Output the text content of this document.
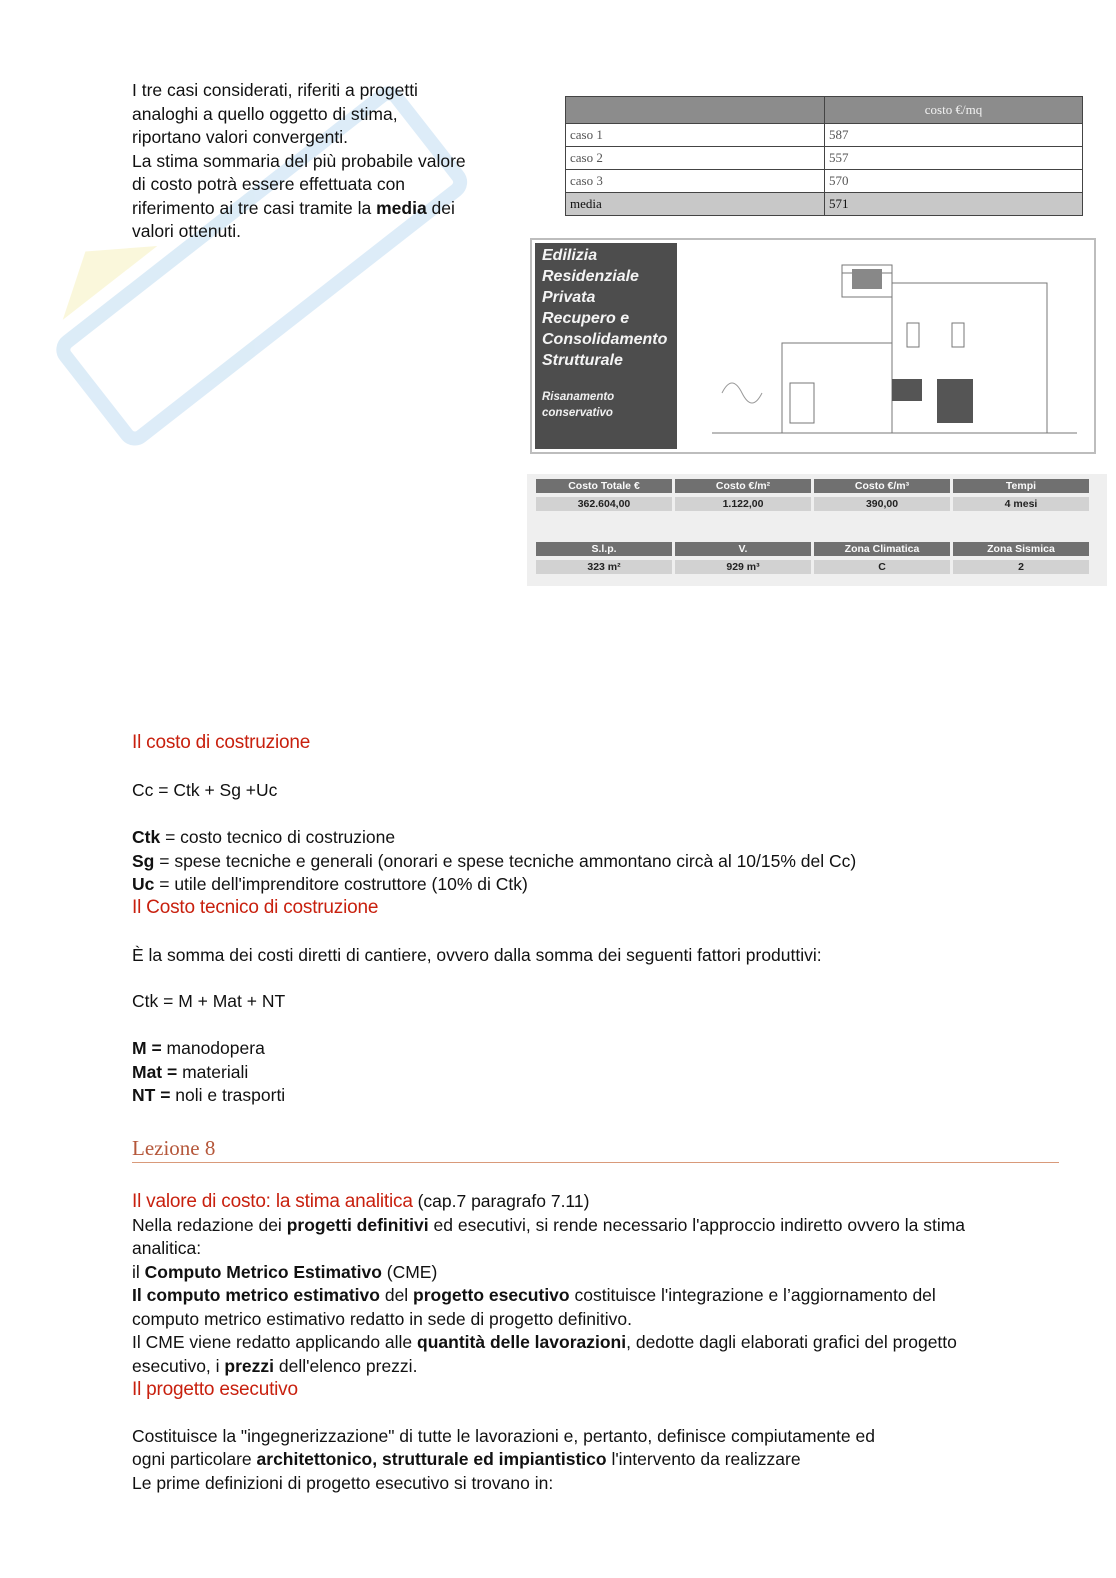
I tre casi considerati, riferiti a progetti
analoghi a quello oggetto di stima,
riportano valori convergenti.
La stima sommaria del più probabile valore
di costo potrà essere effettuata con
riferimento ai tre casi tramite la media dei
valori ottenuti.
	costo €/mq
caso 1	587
caso 2	557
caso 3	570
media	571
Edilizia
Residenziale
Privata
Recupero e
Consolidamento
Strutturale
Risanamento
conservativo
Costo Totale €	Costo €/m²	Costo €/m³	Tempi
362.604,00	1.122,00	390,00	4 mesi
S.l.p.	V.	Zona Climatica	Zona Sismica
323 m²	929 m³	C	2
Il costo di costruzione
Cc = Ctk + Sg +Uc
Ctk = costo tecnico di costruzione
Sg = spese tecniche e generali (onorari e spese tecniche ammontano circà al 10/15% del Cc)
Uc = utile dell'imprenditore costruttore (10% di Ctk)
Il Costo tecnico di costruzione
È la somma dei costi diretti di cantiere, ovvero dalla somma dei seguenti fattori produttivi:
Ctk = M + Mat + NT
M = manodopera
Mat = materiali
NT = noli e trasporti
Lezione 8
Il valore di costo: la stima analitica (cap.7 paragrafo 7.11)
Nella redazione dei progetti definitivi ed esecutivi, si rende necessario l'approccio indiretto ovvero la stima
analitica:
il Computo Metrico Estimativo (CME)
Il computo metrico estimativo del progetto esecutivo costituisce l'integrazione e l’aggiornamento del
computo metrico estimativo redatto in sede di progetto definitivo.
Il CME viene redatto applicando alle quantità delle lavorazioni, dedotte dagli elaborati grafici del progetto
esecutivo, i prezzi dell'elenco prezzi.
Il progetto esecutivo
Costituisce la "ingegnerizzazione" di tutte le lavorazioni e, pertanto, definisce compiutamente ed
ogni particolare architettonico, strutturale ed impiantistico l'intervento da realizzare
Le prime definizioni di progetto esecutivo si trovano in:
